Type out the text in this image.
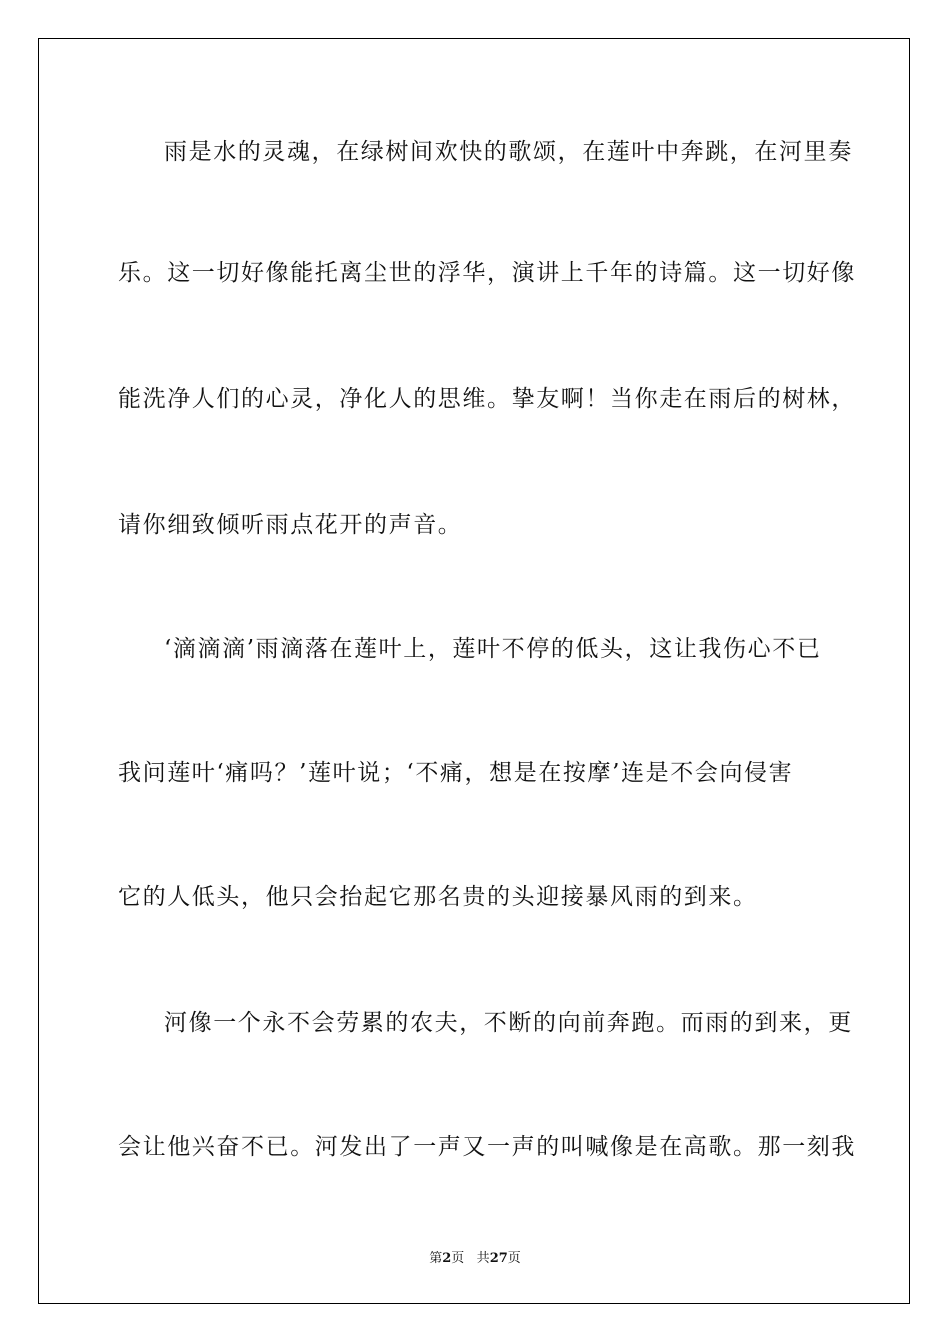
雨是水的灵魂，在绿树间欢快的歌颂，在莲叶中奔跳，在河里奏
乐。这一切好像能托离尘世的浮华，演讲上千年的诗篇。这一切好像
能洗净人们的心灵，净化人的思维。挚友啊！当你走在雨后的树林，
请你细致倾听雨点花开的声音。
‘滴滴滴’雨滴落在莲叶上，莲叶不停的低头，这让我伤心不已
我问莲叶‘痛吗？’莲叶说；‘不痛，想是在按摩’连是不会向侵害
它的人低头，他只会抬起它那名贵的头迎接暴风雨的到来。
河像一个永不会劳累的农夫，不断的向前奔跑。而雨的到来，更
会让他兴奋不已。河发出了一声又一声的叫喊像是在高歌。那一刻我
第2页 共27页
